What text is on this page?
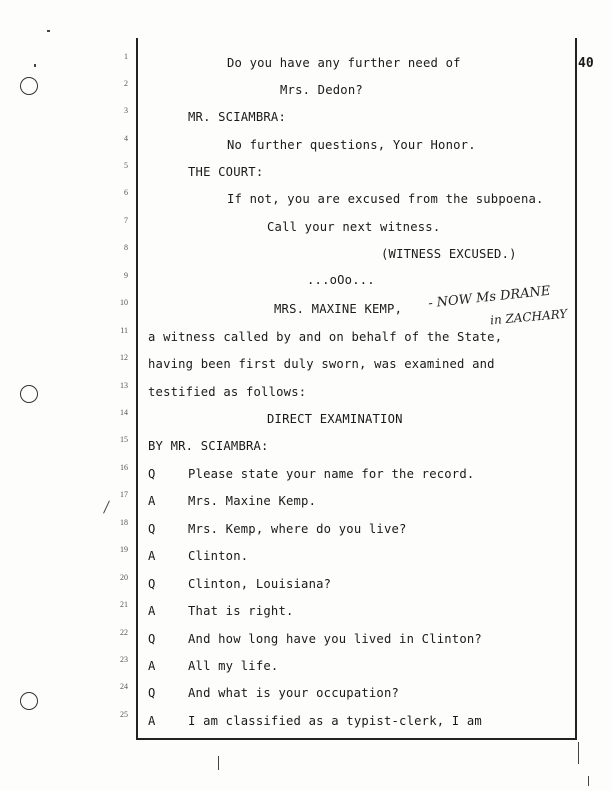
40
1
2
3
4
5
6
7
8
9
10
11
12
13
14
15
16
17
18
19
20
21
22
23
24
25
Do you have any further need of
Mrs. Dedon?
MR. SCIAMBRA:
No further questions, Your Honor.
THE COURT:
If not, you are excused from the subpoena.
Call your next witness.
(WITNESS EXCUSED.)
...oOo...
MRS. MAXINE KEMP,
a witness called by and on behalf of the State,
having been first duly sworn, was examined and
testified as follows:
DIRECT EXAMINATION
BY MR. SCIAMBRA:
Q	Please state your name for the record.
A	Mrs. Maxine Kemp.
Q	Mrs. Kemp, where do you live?
A	Clinton.
Q	Clinton, Louisiana?
A	That is right.
Q	And how long have you lived in Clinton?
A	All my life.
Q	And what is your occupation?
A	I am classified as a typist-clerk, I am
- NOW Ms DRANE
in ZACHARY
